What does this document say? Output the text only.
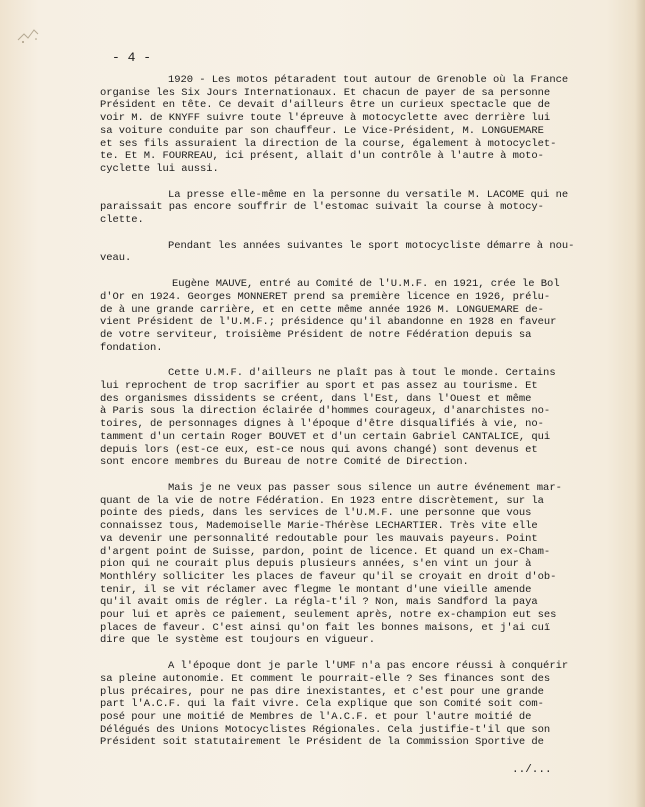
- 4 -
1920 - Les motos pétaradent tout autour de Grenoble où la France
organise les Six Jours Internationaux. Et chacun de payer de sa personne
Président en tête. Ce devait d'ailleurs être un curieux spectacle que de
voir M. de KNYFF suivre toute l'épreuve à motocyclette avec derrière lui
sa voiture conduite par son chauffeur. Le Vice-Président, M. LONGUEMARE
et ses fils assuraient la direction de la course, également à motocyclet-
te. Et M. FOURREAU, ici présent, allait d'un contrôle à l'autre à moto-
cyclette lui aussi.
La presse elle-même en la personne du versatile M. LACOME qui ne
paraissait pas encore souffrir de l'estomac suivait la course à motocy-
clette.
Pendant les années suivantes le sport motocycliste démarre à nou-
veau.
Eugène MAUVE, entré au Comité de l'U.M.F. en 1921, crée le Bol
d'Or en 1924. Georges MONNERET prend sa première licence en 1926, prélu-
de à une grande carrière, et en cette même année 1926 M. LONGUEMARE de-
vient Président de l'U.M.F.; présidence qu'il abandonne en 1928 en faveur
de votre serviteur, troisième Président de notre Fédération depuis sa
fondation.
Cette U.M.F. d'ailleurs ne plaît pas à tout le monde. Certains
lui reprochent de trop sacrifier au sport et pas assez au tourisme. Et
des organismes dissidents se créent, dans l'Est, dans l'Ouest et même
à Paris sous la direction éclairée d'hommes courageux, d'anarchistes no-
toires, de personnages dignes à l'époque d'être disqualifiés à vie, no-
tamment d'un certain Roger BOUVET et d'un certain Gabriel CANTALICE, qui
depuis lors (est-ce eux, est-ce nous qui avons changé) sont devenus et
sont encore membres du Bureau de notre Comité de Direction.
Mais je ne veux pas passer sous silence un autre événement mar-
quant de la vie de notre Fédération. En 1923 entre discrètement, sur la
pointe des pieds, dans les services de l'U.M.F. une personne que vous
connaissez tous, Mademoiselle Marie-Thérèse LECHARTIER. Très vite elle
va devenir une personnalité redoutable pour les mauvais payeurs. Point
d'argent point de Suisse, pardon, point de licence. Et quand un ex-Cham-
pion qui ne courait plus depuis plusieurs années, s'en vint un jour à
Monthléry solliciter les places de faveur qu'il se croyait en droit d'ob-
tenir, il se vit réclamer avec flegme le montant d'une vieille amende
qu'il avait omis de régler. La régla-t'il ? Non, mais Sandford la paya
pour lui et après ce paiement, seulement après, notre ex-champion eut ses
places de faveur. C'est ainsi qu'on fait les bonnes maisons, et j'ai cuï
dire que le système est toujours en vigueur.
A l'époque dont je parle l'UMF n'a pas encore réussi à conquérir
sa pleine autonomie. Et comment le pourrait-elle ? Ses finances sont des
plus précaires, pour ne pas dire inexistantes, et c'est pour une grande
part l'A.C.F. qui la fait vivre. Cela explique que son Comité soit com-
posé pour une moitié de Membres de l'A.C.F. et pour l'autre moitié de
Délégués des Unions Motocyclistes Régionales. Cela justifie-t'il que son
Président soit statutairement le Président de la Commission Sportive de
../...
